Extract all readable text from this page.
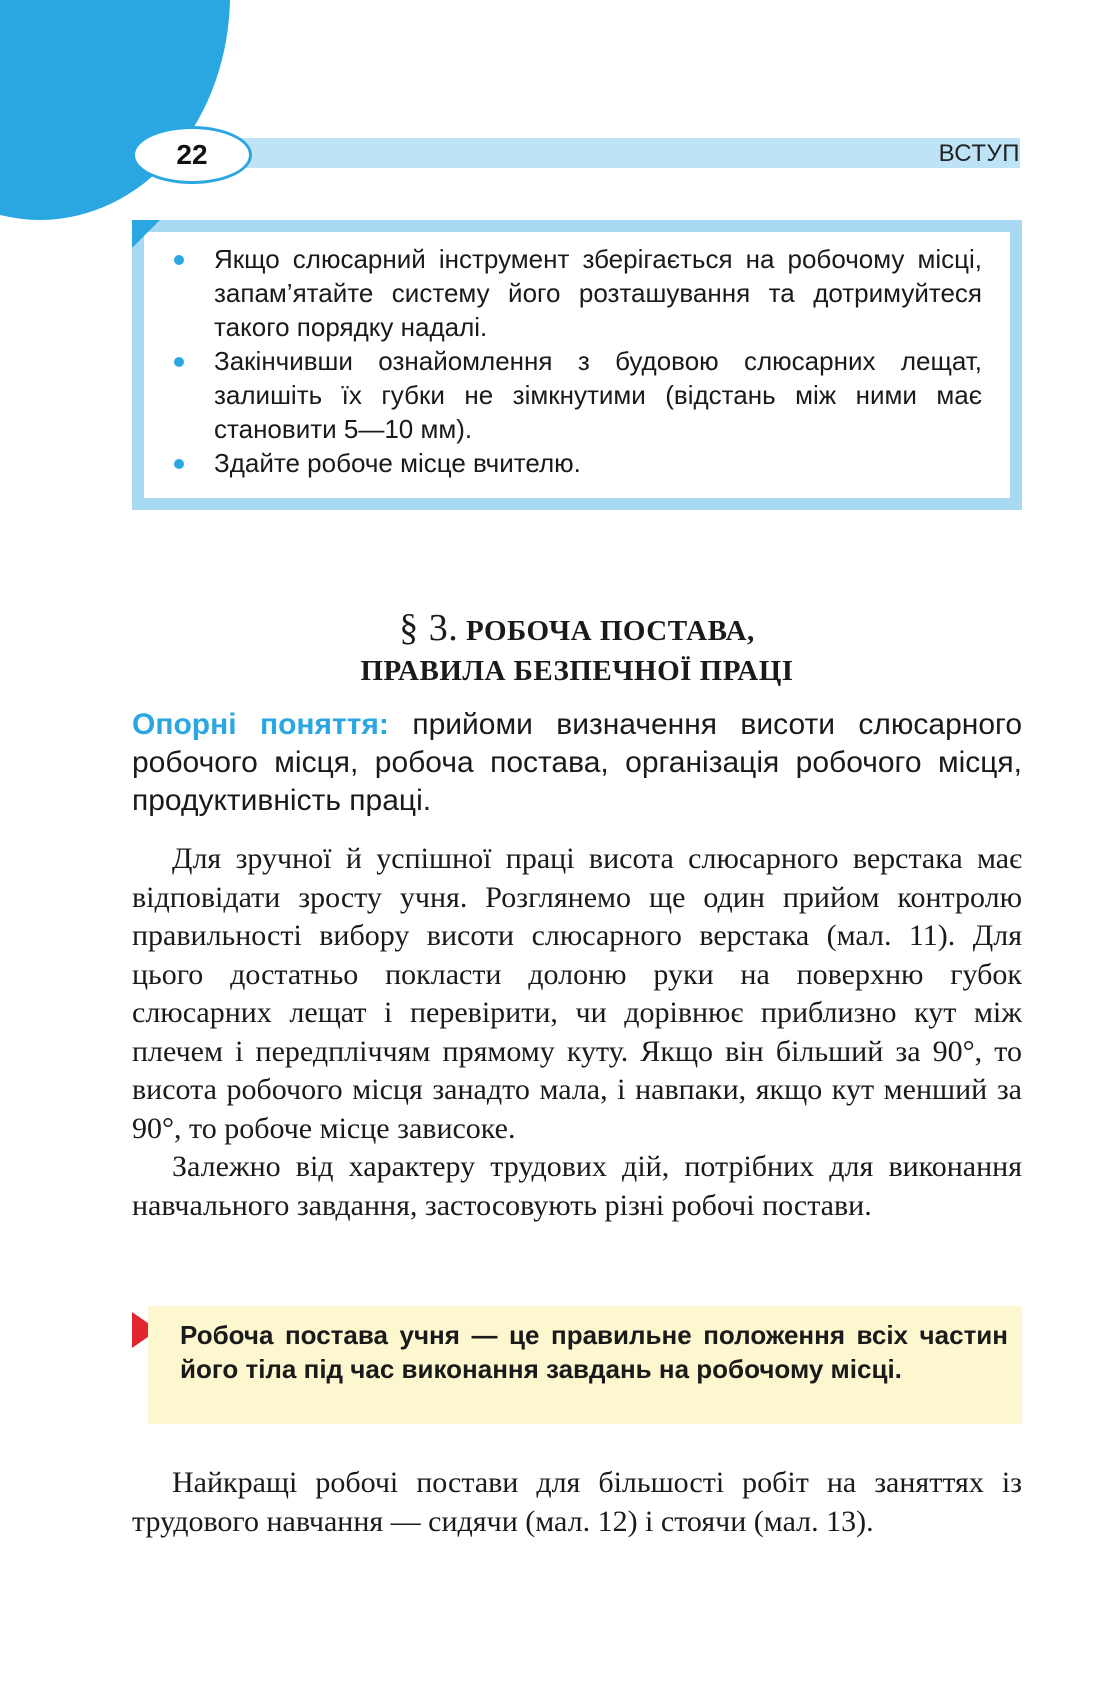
22	ВСТУП
Якщо слюсарний інструмент зберігається на робочому місці, запам’ятайте систему його розташування та дотримуйтеся такого порядку надалі.
Закінчивши ознайомлення з будовою слюсарних лещат, залишіть їх губки не зімкнутими (відстань між ними має становити 5—10 мм).
Здайте робоче місце вчителю.
§ 3. РОБОЧА ПОСТАВА,
ПРАВИЛА БЕЗПЕЧНОЇ ПРАЦІ
Опорні поняття: прийоми визначення висоти слюсарного робочого місця, робоча постава, організація робочого місця, продуктивність праці.

Для зручної й успішної праці висота слюсарного верстака має відповідати зросту учня. Розглянемо ще один прийом контролю правильності вибору висоти слюсарного верстака (мал. 11). Для цього достатньо покласти долоню руки на поверхню губок слюсарних лещат і перевірити, чи дорівнює приблизно кут між плечем і передпліччям прямому куту. Якщо він більший за 90°, то висота робочого місця занадто мала, і навпаки, якщо кут менший за 90°, то робоче місце зависоке.

Залежно від характеру трудових дій, потрібних для виконання навчального завдання, застосовують різні робочі постави.

Робоча постава учня — це правильне положення всіх частин його тіла під час виконання завдань на робочому місці.

Найкращі робочі постави для більшості робіт на заняттях із трудового навчання — сидячи (мал. 12) і стоячи (мал. 13).
